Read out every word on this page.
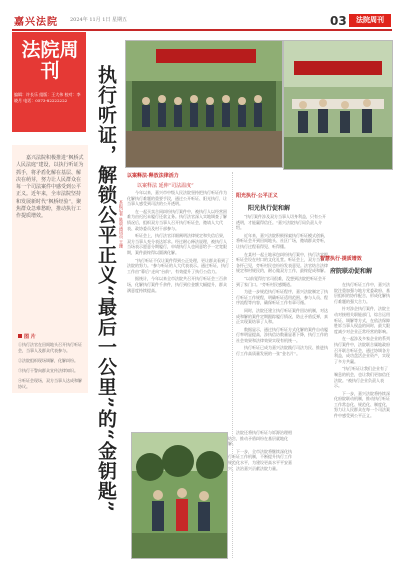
嘉兴法院 2024年 11月 1日 星期五	03	法院周刊
法院周刊
编辑：许长乐 组版：王大伟 校对：李晓月 电话：0573-82222222
嘉兴法院积极推进“枫桥式人民法庭”建设，以执行听证为抓手，将矛盾化解在基层、解决在萌芽，努力让人民群众在每一个司法案件中感受到公平正义。近年来，全市法院坚持和发展新时代“枫桥经验”，聚焦群众急难愁盼，推动执行工作提质增效。
图 片

①执行法官在田间地头召开执行听证会，当事人及群众代表参与。

②法院组织现场调解，化解纠纷。

③执行干警向群众宣传法律知识。

④听证会现场，双方当事人达成和解协议。	执行听证，解锁公平正义“最后一公里”的“金钥匙” 本报记者 陈晨 通讯员 王珊
以案释法·释放法律活力
以案释法 延伸“司法温度”

今年以来，嘉兴市中级人民法院坚持把执行听证作为化解执行难题的重要手段，通过公开听证、阳光执行，让当事人感受到司法的公开透明。

在一起买卖合同纠纷执行案件中，被执行人以经营困难为由迟迟未履行还款义务。执行法官深入实地调查了解情况后，组织双方当事人召开执行听证会，邀请人大代表、政协委员及村干部参与。

听证会上，执行法官详细阐明法律规定和失信后果，双方当事人充分表达诉求。经过耐心释法说理，被执行人当场表示愿意分期履行，申请执行人也同意给予一定宽限期，案件最终得以圆满化解。

“执行听证不仅让案件得到公正处理，更让群众看到了法院的努力。”参与听证的人大代表表示。通过听证，执行工作由“幕后”走向“台前”，有效提升了执行公信力。

据统计，今年以来全市法院共召开执行听证会三百余场，化解执行案件千余件，执行到位金额大幅提升，群众满意度持续提高。

法院还将执行听证与诉源治理相结合，推动矛盾纠纷在基层就地化解。

下一步，全市法院将继续深化执行听证工作机制，不断提升执行工作规范化水平，为建设更高水平平安嘉兴、法治嘉兴贡献法院力量。

阳光执行·公平正义
阳光执行促和解

“执行案件涉及双方当事人切身利益，只有公开透明，才能赢得信任。”嘉兴法院执行局负责人介绍。

近年来，嘉兴法院积极探索执行听证模式创新，将听证会开到田间地头、社区广场，邀请群众旁听，让执行过程看得见、听得懂。

在某村一起土地承包纠纷执行案中，执行法官把听证会设在村口的文化礼堂。听证会上，双方当事人各抒己见，旁听村民也纷纷发表意见。法官结合法律规定和村规民约，耐心做双方工作，最终促成和解。

“以前觉得打官司很难，没想到法院把听证会开到了家门口。”旁听村民感慨道。

为进一步规范执行听证程序，嘉兴法院制定了执行听证工作规程，明确听证适用范围、参与人员、程序流程等内容，确保听证工作有章可循。

同时，法院还建立执行听证案件回访机制，对达成和解的案件定期跟踪履行情况，防止矛盾反弹，真正实现案结事了人和。

数据显示，通过执行听证方式化解的案件自动履行率明显提高，涉执信访数量显著下降，执行工作的社会效果和法律效果实现有机统一。

执行听证已成为嘉兴法院践行司法为民、推进执行工作高质量发展的一张“金名片”。

智慧执行·提质增效
府院联动促和解

在执行听证工作中，嘉兴法院注重加强与地方党委政府、基层组织的协作配合，形成化解执行难题的强大合力。

针对涉企执行案件，法院主动对接相关职能部门，综合运用听证、调解等方式，在依法保障胜诉当事人权益的同时，最大限度减少对企业正常经营的影响。

在一起涉及多家企业的系列执行案件中，法院联合属地政府召开联合听证会，通过协调各方利益，成功盘活企业资产，实现了多方共赢。

“执行听证让我们企业有了喘息的机会，也让我们更加信任法院。”被执行企业负责人表示。

下一步，嘉兴法院将持续深化府院联动机制，推动执行听证工作常态化、规范化、制度化，努力让人民群众在每一个司法案件中感受到公平正义。
